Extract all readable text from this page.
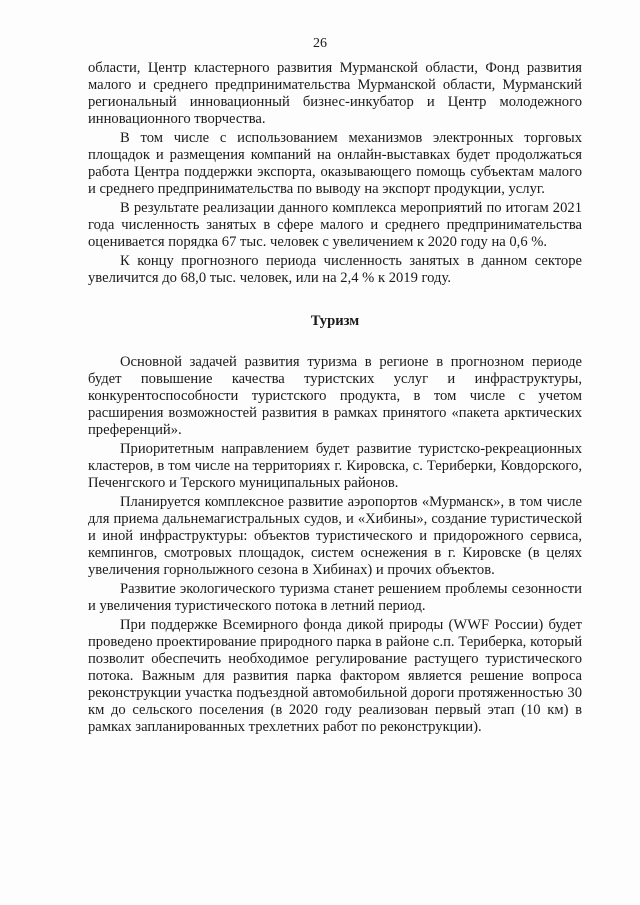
26

области, Центр кластерного развития Мурманской области, Фонд развития малого и среднего предпринимательства Мурманской области, Мурманский региональный инновационный бизнес-инкубатор и Центр молодежного инновационного творчества.

В том числе с использованием механизмов электронных торговых площадок и размещения компаний на онлайн-выставках будет продолжаться работа Центра поддержки экспорта, оказывающего помощь субъектам малого и среднего предпринимательства по выводу на экспорт продукции, услуг.

В результате реализации данного комплекса мероприятий по итогам 2021 года численность занятых в сфере малого и среднего предпринимательства оценивается порядка 67 тыс. человек с увеличением к 2020 году на 0,6 %.

К концу прогнозного периода численность занятых в данном секторе увеличится до 68,0 тыс. человек, или на 2,4 % к 2019 году.

Туризм

Основной задачей развития туризма в регионе в прогнозном периоде будет повышение качества туристских услуг и инфраструктуры, конкурентоспособности туристского продукта, в том числе с учетом расширения возможностей развития в рамках принятого «пакета арктических преференций».

Приоритетным направлением будет развитие туристско-рекреационных кластеров, в том числе на территориях г. Кировска, с. Териберки, Ковдорского, Печенгского и Терского муниципальных районов.

Планируется комплексное развитие аэропортов «Мурманск», в том числе для приема дальнемагистральных судов, и «Хибины», создание туристической и иной инфраструктуры: объектов туристического и придорожного сервиса, кемпингов, смотровых площадок, систем оснежения в г. Кировске (в целях увеличения горнолыжного сезона в Хибинах) и прочих объектов.

Развитие экологического туризма станет решением проблемы сезонности и увеличения туристического потока в летний период.

При поддержке Всемирного фонда дикой природы (WWF России) будет проведено проектирование природного парка в районе с.п. Териберка, который позволит обеспечить необходимое регулирование растущего туристического потока. Важным для развития парка фактором является решение вопроса реконструкции участка подъездной автомобильной дороги протяженностью 30 км до сельского поселения (в 2020 году реализован первый этап (10 км) в рамках запланированных трехлетних работ по реконструкции).
